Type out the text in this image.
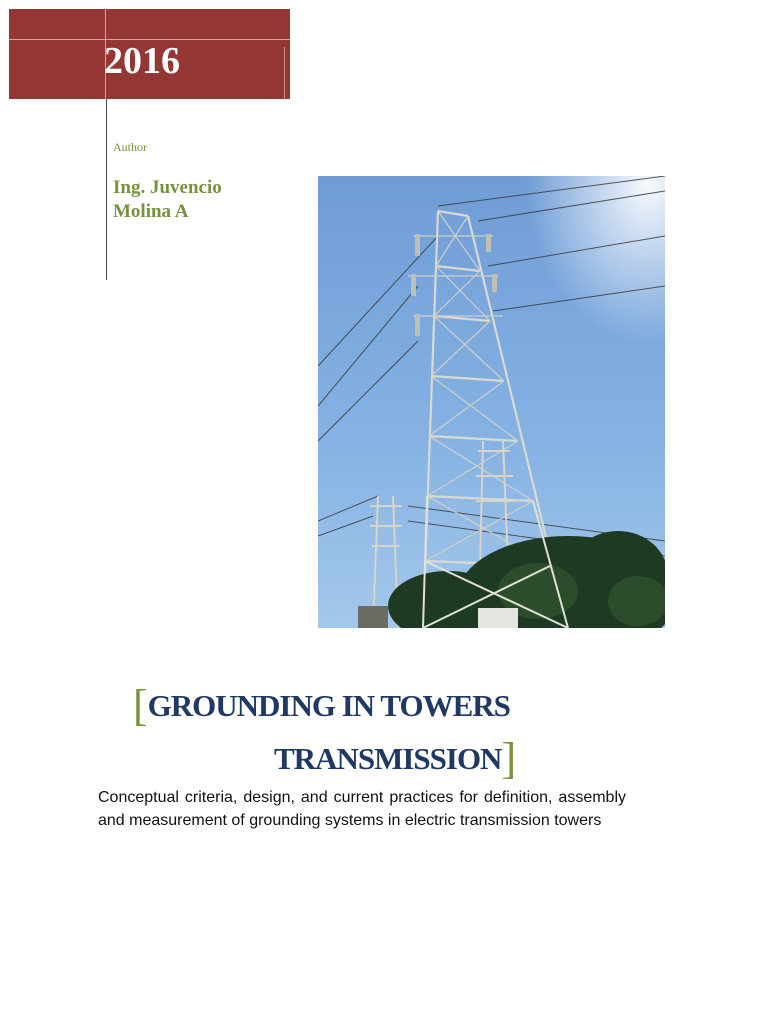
2016
Author
Ing. Juvencio
Molina A
[GROUNDING IN TOWERS
TRANSMISSION]
Conceptual criteria, design, and current practices for definition, assembly and measurement of grounding systems in electric transmission towers
